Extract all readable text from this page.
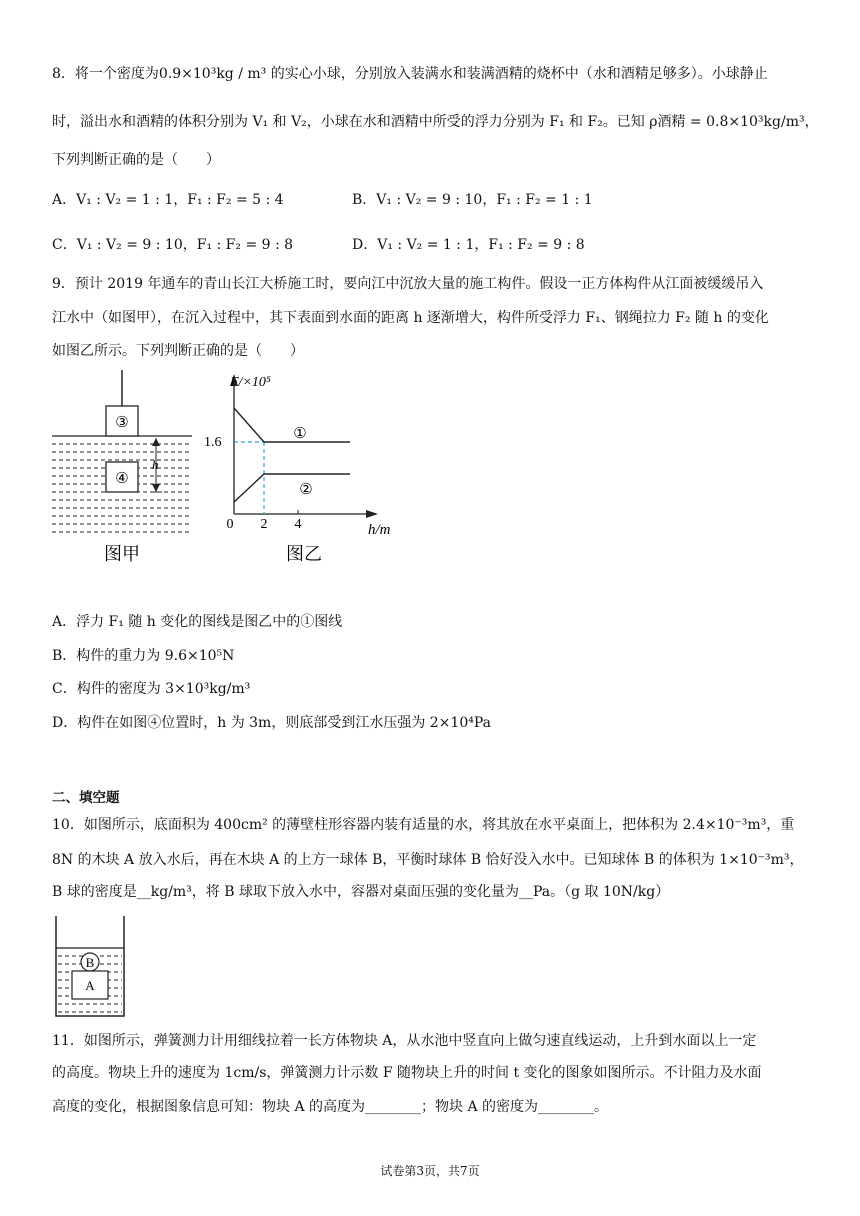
8．将一个密度为0.9×10³kg / m³ 的实心小球，分别放入装满水和装满酒精的烧杯中（水和酒精足够多）。小球静止
时，溢出水和酒精的体积分别为 V₁ 和 V₂，小球在水和酒精中所受的浮力分别为 F₁ 和 F₂。已知 ρ酒精 = 0.8×10³kg/m³，
下列判断正确的是（　　）
A．V₁ : V₂ = 1 : 1，F₁ : F₂ = 5 : 4	B．V₁ : V₂ = 9 : 10，F₁ : F₂ = 1 : 1
C．V₁ : V₂ = 9 : 10，F₁ : F₂ = 9 : 8	D．V₁ : V₂ = 1 : 1，F₁ : F₂ = 9 : 8
9．预计 2019 年通车的青山长江大桥施工时，要向江中沉放大量的施工构件。假设一正方体构件从江面被缓缓吊入
江水中（如图甲），在沉入过程中，其下表面到水面的距离 h 逐渐增大，构件所受浮力 F₁、钢绳拉力 F₂ 随 h 的变化
如图乙所示。下列判断正确的是（　　）
③
④
h
图甲
F/×10⁵
h/m
1.6
0 2 4
①
②
图乙
A．浮力 F₁ 随 h 变化的图线是图乙中的①图线
B．构件的重力为 9.6×10⁵N
C．构件的密度为 3×10³kg/m³
D．构件在如图④位置时，h 为 3m，则底部受到江水压强为 2×10⁴Pa
二、填空题
10．如图所示，底面积为 400cm² 的薄壁柱形容器内装有适量的水，将其放在水平桌面上，把体积为 2.4×10⁻³m³，重
8N 的木块 A 放入水后，再在木块 A 的上方一球体 B，平衡时球体 B 恰好没入水中。已知球体 B 的体积为 1×10⁻³m³，
B 球的密度是__kg/m³，将 B 球取下放入水中，容器对桌面压强的变化量为__Pa。（g 取 10N/kg）
B
A
11．如图所示，弹簧测力计用细线拉着一长方体物块 A，从水池中竖直向上做匀速直线运动，上升到水面以上一定
的高度。物块上升的速度为 1cm/s，弹簧测力计示数 F 随物块上升的时间 t 变化的图象如图所示。不计阻力及水面
高度的变化，根据图象信息可知：物块 A 的高度为________；物块 A 的密度为________。
试卷第3页，共7页
